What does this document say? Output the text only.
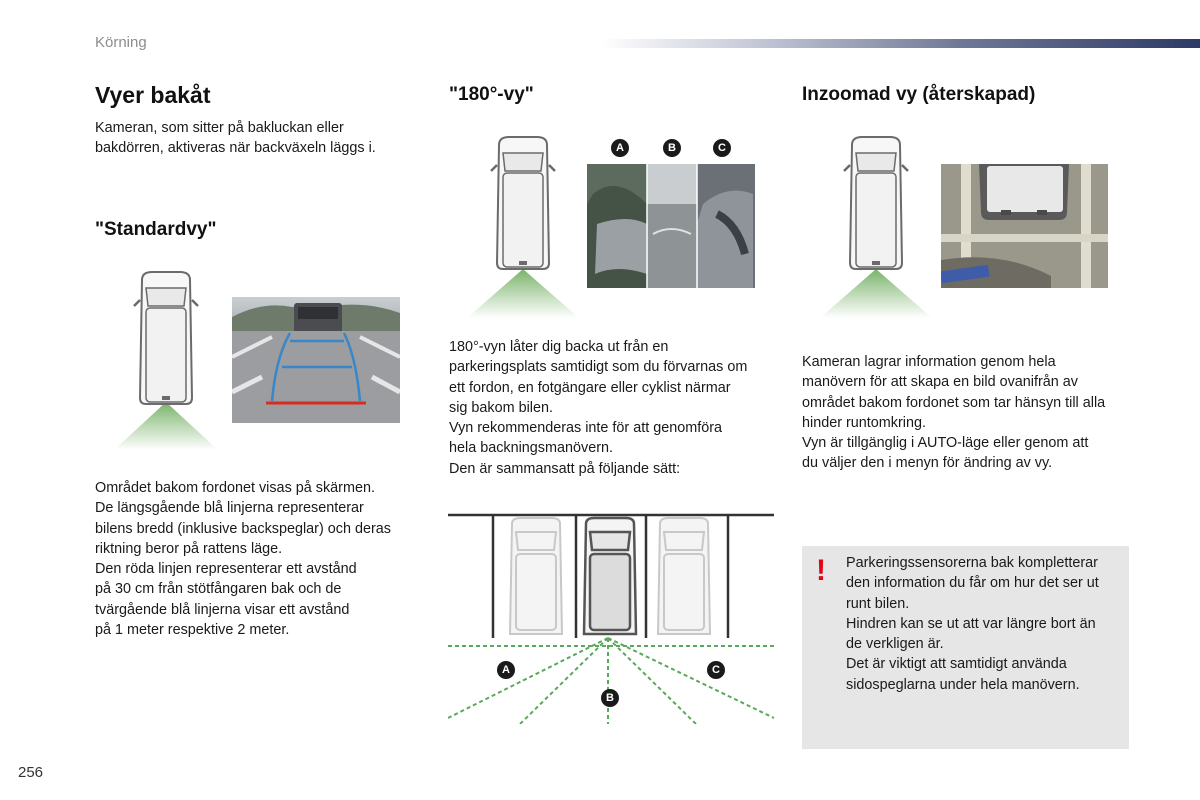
Körning
Vyer bakåt

Kameran, som sitter på bakluckan eller

bakdörren, aktiveras när backväxeln läggs i.

"Standardvy"

Området bakom fordonet visas på skärmen.

De längsgående blå linjerna representerar

bilens bredd (inklusive backspeglar) och deras

riktning beror på rattens läge.

Den röda linjen representerar ett avstånd

på 30 cm från stötfångaren bak och de

tvärgående blå linjerna visar ett avstånd

på 1 meter respektive 2 meter.

"180°-vy"
A	B	C

180°-vyn låter dig backa ut från en

parkeringsplats samtidigt som du förvarnas om

ett fordon, en fotgängare eller cyklist närmar

sig bakom bilen.

Vyn rekommenderas inte för att genomföra

hela backningsmanövern.

Den är sammansatt på följande sätt:

A
B
C
Inzoomad vy (återskapad)

Kameran lagrar information genom hela

manövern för att skapa en bild ovanifrån av

området bakom fordonet som tar hänsyn till alla

hinder runtomkring.

Vyn är tillgänglig i AUTO-läge eller genom att

du väljer den i menyn för ändring av vy.

! Parkeringssensorerna bak kompletterar

den information du får om hur det ser ut

runt bilen.

Hindren kan se ut att var längre bort än

de verkligen är.

Det är viktigt att samtidigt använda

sidospeglarna under hela manövern.

256
